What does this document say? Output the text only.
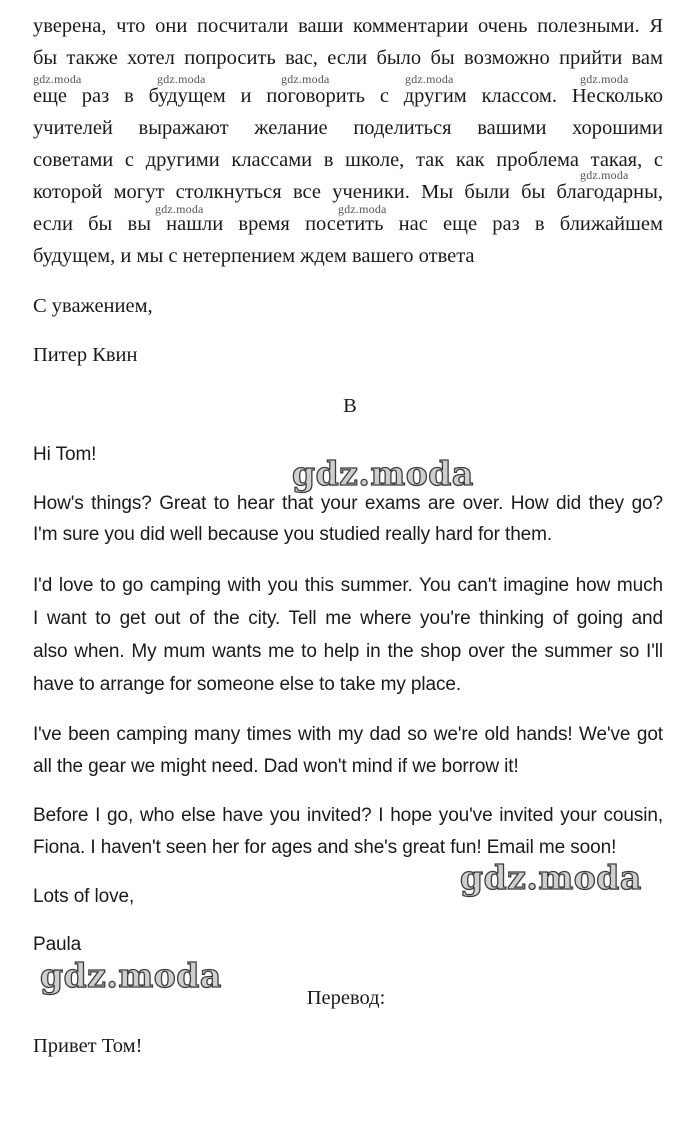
уверена, что они посчитали ваши комментарии очень полезными. Я
бы также хотел попросить вас, если было бы возможно прийти вам
еще раз в будущем и поговорить с другим классом. Несколько
учителей выражают желание поделиться вашими хорошими
советами с другими классами в школе, так как проблема такая, с
которой могут столкнуться все ученики. Мы были бы благодарны,
если бы вы нашли время посетить нас еще раз в ближайшем
будущем, и мы с нетерпением ждем вашего ответа
С уважением,
Питер Квин
B
Hi Tom!
How's things? Great to hear that your exams are over. How did they go?
I'm sure you did well because you studied really hard for them.
I'd love to go camping with you this summer. You can't imagine how much
I want to get out of the city. Tell me where you're thinking of going and
also when. My mum wants me to help in the shop over the summer so I'll
have to arrange for someone else to take my place.
I've been camping many times with my dad so we're old hands! We've got
all the gear we might need. Dad won't mind if we borrow it!
Before I go, who else have you invited? I hope you've invited your cousin,
Fiona. I haven't seen her for ages and she's great fun! Email me soon!
Lots of love,
Paula
Перевод:
Привет Том!
gdz.moda	gdz.moda	gdz.moda	gdz.moda	gdz.moda
gdz.moda
gdz.moda	gdz.moda
gdz.moda
gdz.moda
gdz.moda
